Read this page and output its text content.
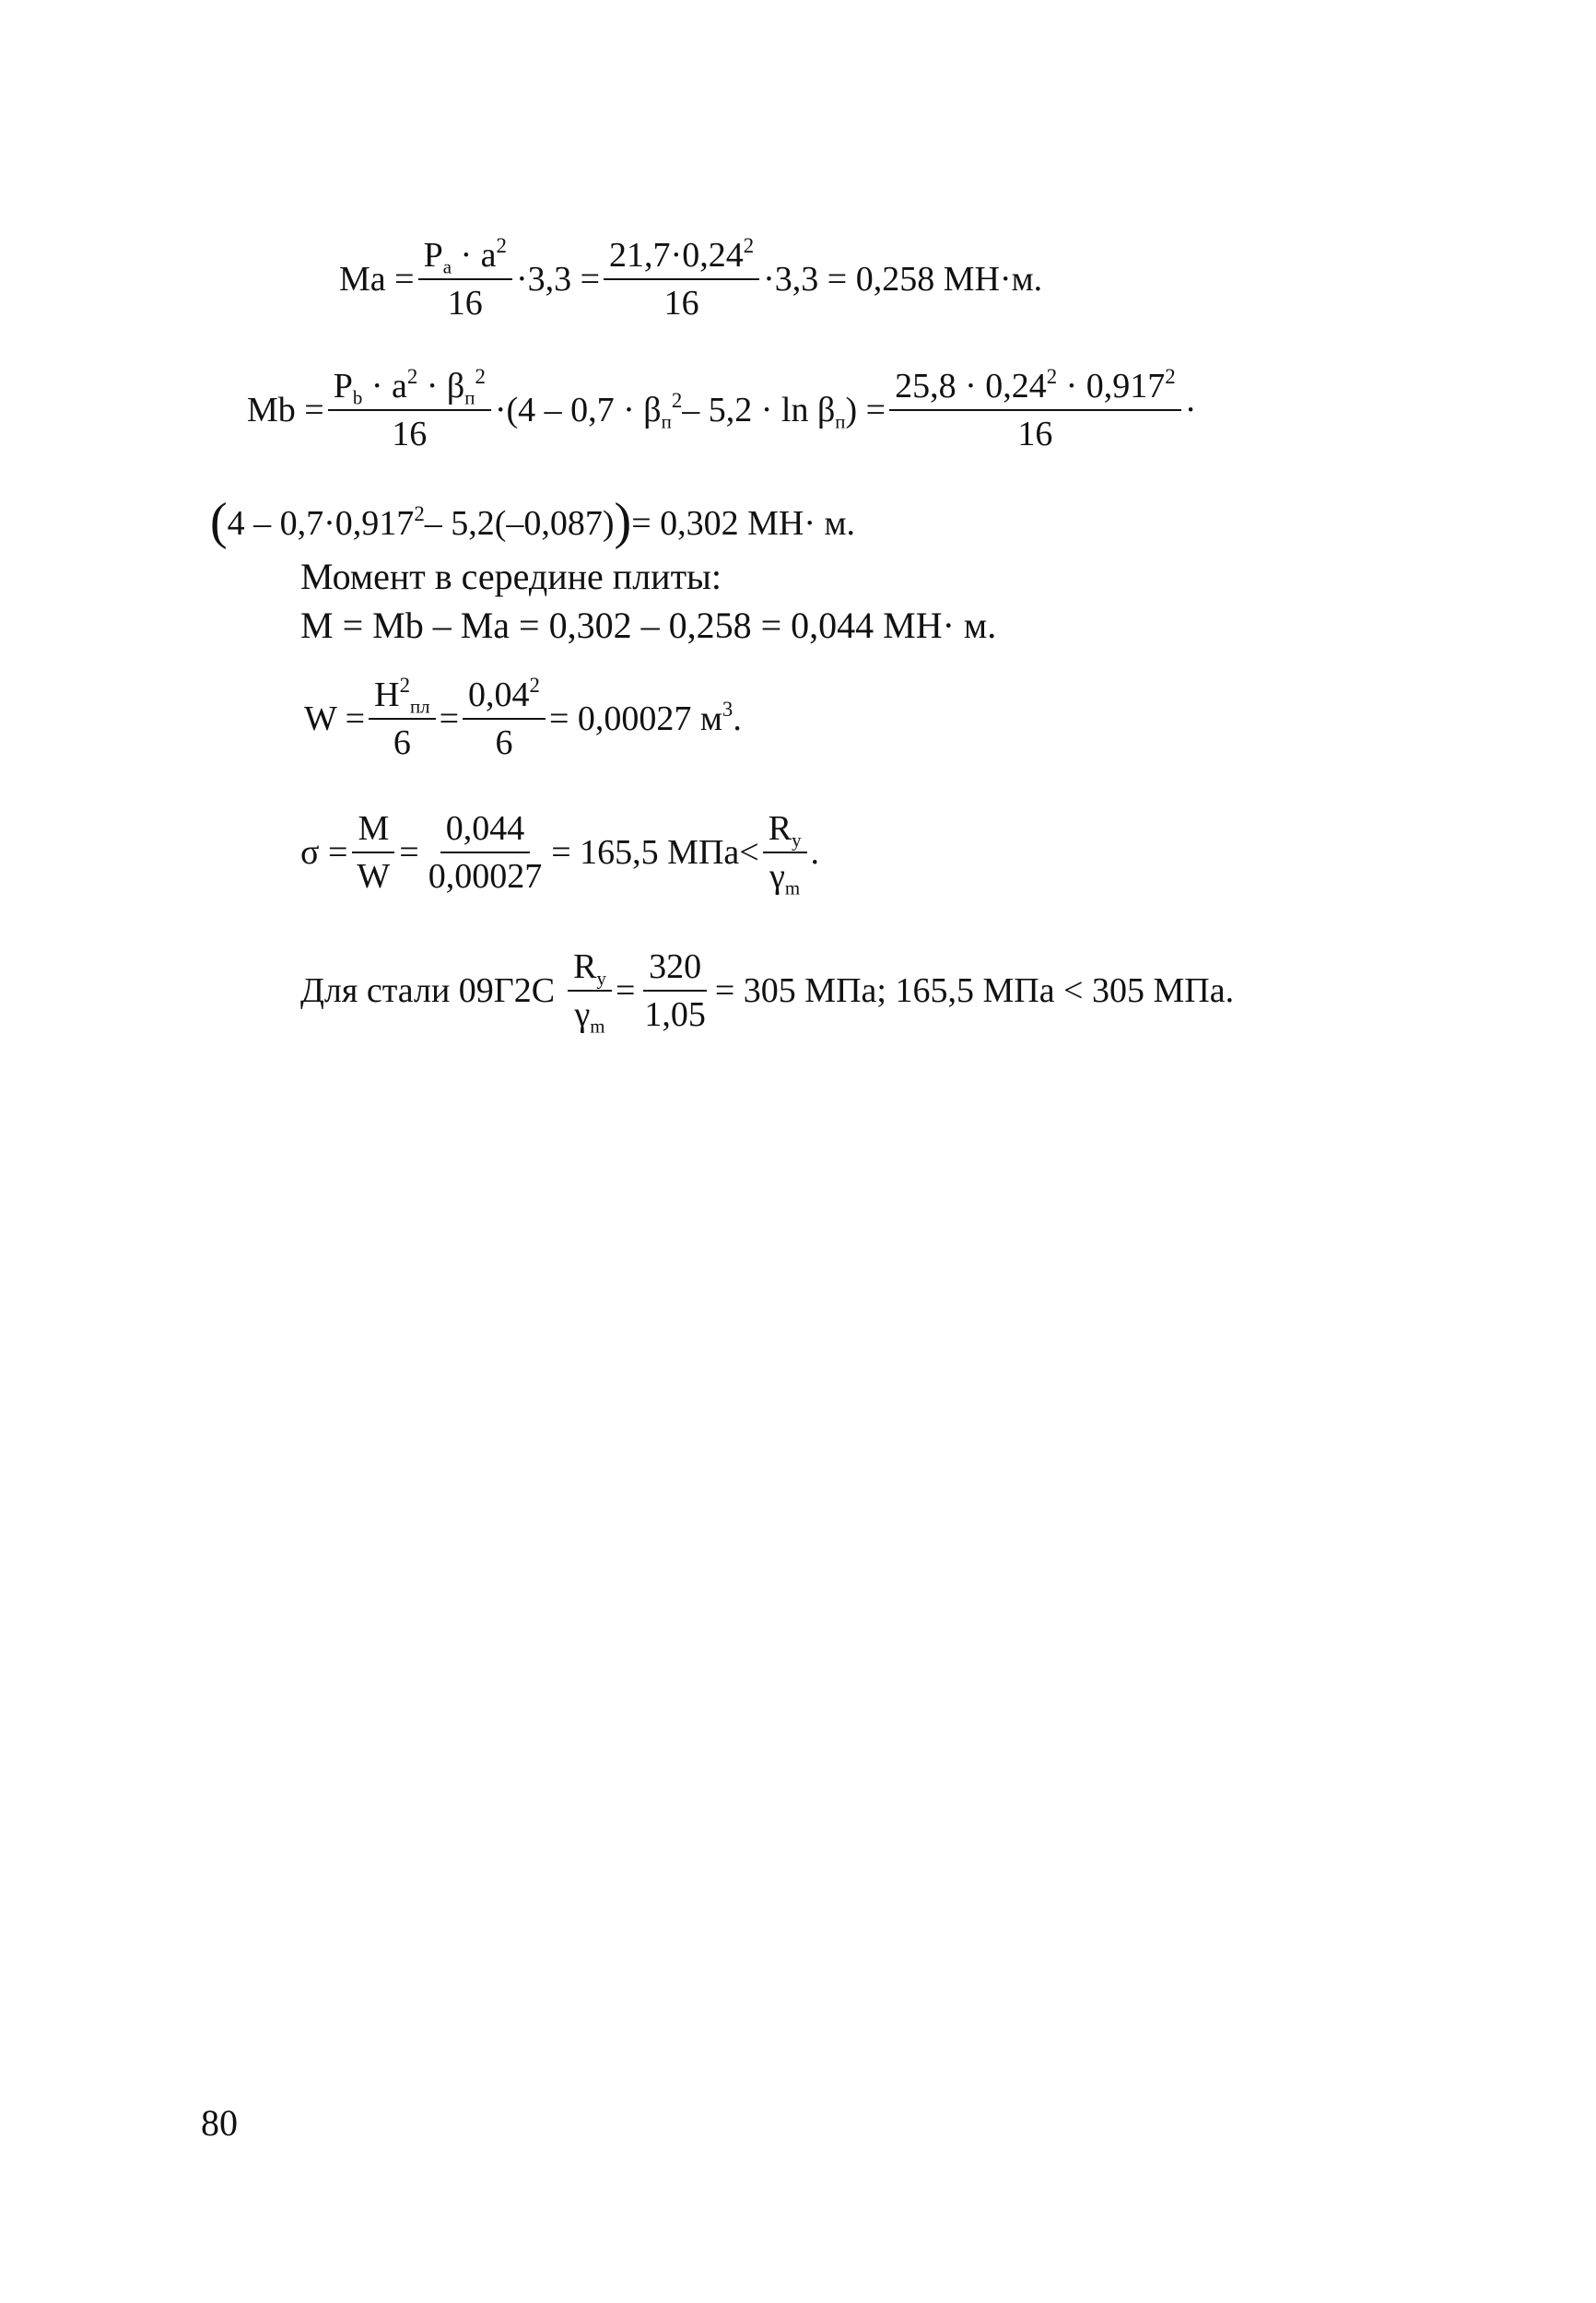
$Ma = \frac{P_a \cdot a^2}{16} \cdot 3,3 = \frac{21,7\cdot 0,24^2}{16} \cdot 3,3 = 0,258$ МН·м.
$Mb = \frac{P_b \cdot a^2 \cdot \beta_п^2}{16}$ ·( $4 - 0,7 \cdot \beta_п^2 - 5,2 \cdot \ln \beta_п$ ) = $\frac{25,8 \cdot 0,24^2 \cdot 0,917^2}{16}$ ·
( $4 - 0,7\cdot 0,917^2 - 5,2(-0,087)$ ) = 0,302 МН· м.
Момент в середине плиты:
M = Mb – Ma = 0,302 – 0,258 = 0,044 МН· м.
$W = \frac{H^2_{пл}}{6} = \frac{0,04^2}{6} = 0,00027$ $м^3$.
$\sigma = \frac{M}{W} = \frac{0,044}{0,00027} = 165,5$ $МПа< \frac{R_y}{\gamma_m}$ .
Для стали $09Г2С \frac{R_y}{\gamma_m} = \frac{320}{1,05} = 305$ МПа; 165,5 МПа < 305 МПа.
80
